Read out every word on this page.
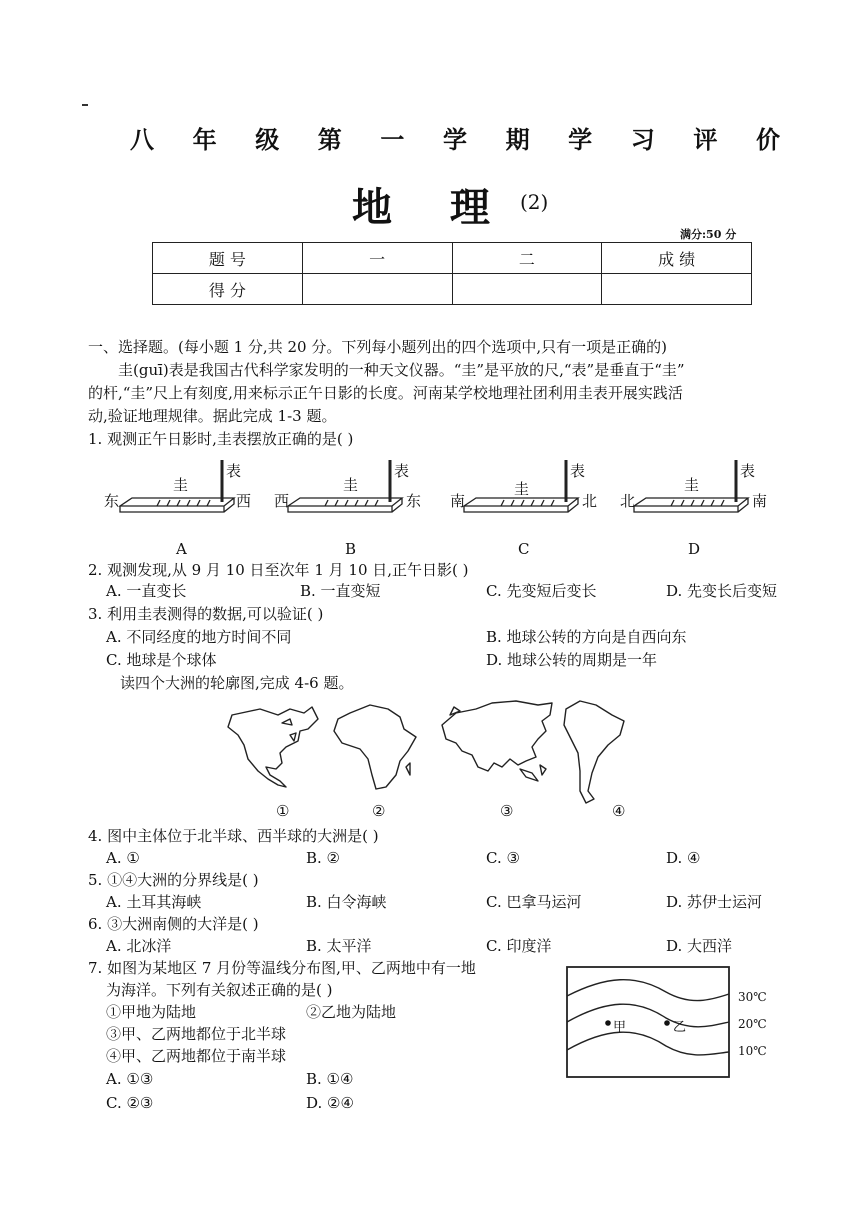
八 年 级 第 一 学 期 学 习 评 价
地 理 (2)
满分:50 分
题 号	一	二	成 绩
得 分			
一、选择题。(每小题 1 分,共 20 分。下列每小题列出的四个选项中,只有一项是正确的)
圭(guī)表是我国古代科学家发明的一种天文仪器。“圭”是平放的尺,“表”是垂直于“圭”
的杆,“圭”尺上有刻度,用来标示正午日影的长度。河南某学校地理社团利用圭表开展实践活
动,验证地理规律。据此完成 1-3 题。
1. 观测正午日影时,圭表摆放正确的是( )
东	西
圭
表
A
西	东
圭
表
B
南	北
圭
表
C
北	南
圭
表
D
2. 观测发现,从 9 月 10 日至次年 1 月 10 日,正午日影( )
A. 一直变长	B. 一直变短	C. 先变短后变长	D. 先变长后变短
3. 利用圭表测得的数据,可以验证( )
A. 不同经度的地方时间不同	B. 地球公转的方向是自西向东
C. 地球是个球体	D. 地球公转的周期是一年
读四个大洲的轮廓图,完成 4-6 题。
①	②	③	④
4. 图中主体位于北半球、西半球的大洲是( )
A. ①	B. ②	C. ③	D. ④
5. ①④大洲的分界线是( )
A. 土耳其海峡	B. 白令海峡	C. 巴拿马运河	D. 苏伊士运河
6. ③大洲南侧的大洋是( )
A. 北冰洋	B. 太平洋	C. 印度洋	D. 大西洋
7. 如图为某地区 7 月份等温线分布图,甲、乙两地中有一地
为海洋。下列有关叙述正确的是( )
①甲地为陆地	②乙地为陆地
③甲、乙两地都位于北半球
④甲、乙两地都位于南半球
A. ①③	B. ①④
C. ②③	D. ②④
甲	乙
30℃
20℃
10℃
